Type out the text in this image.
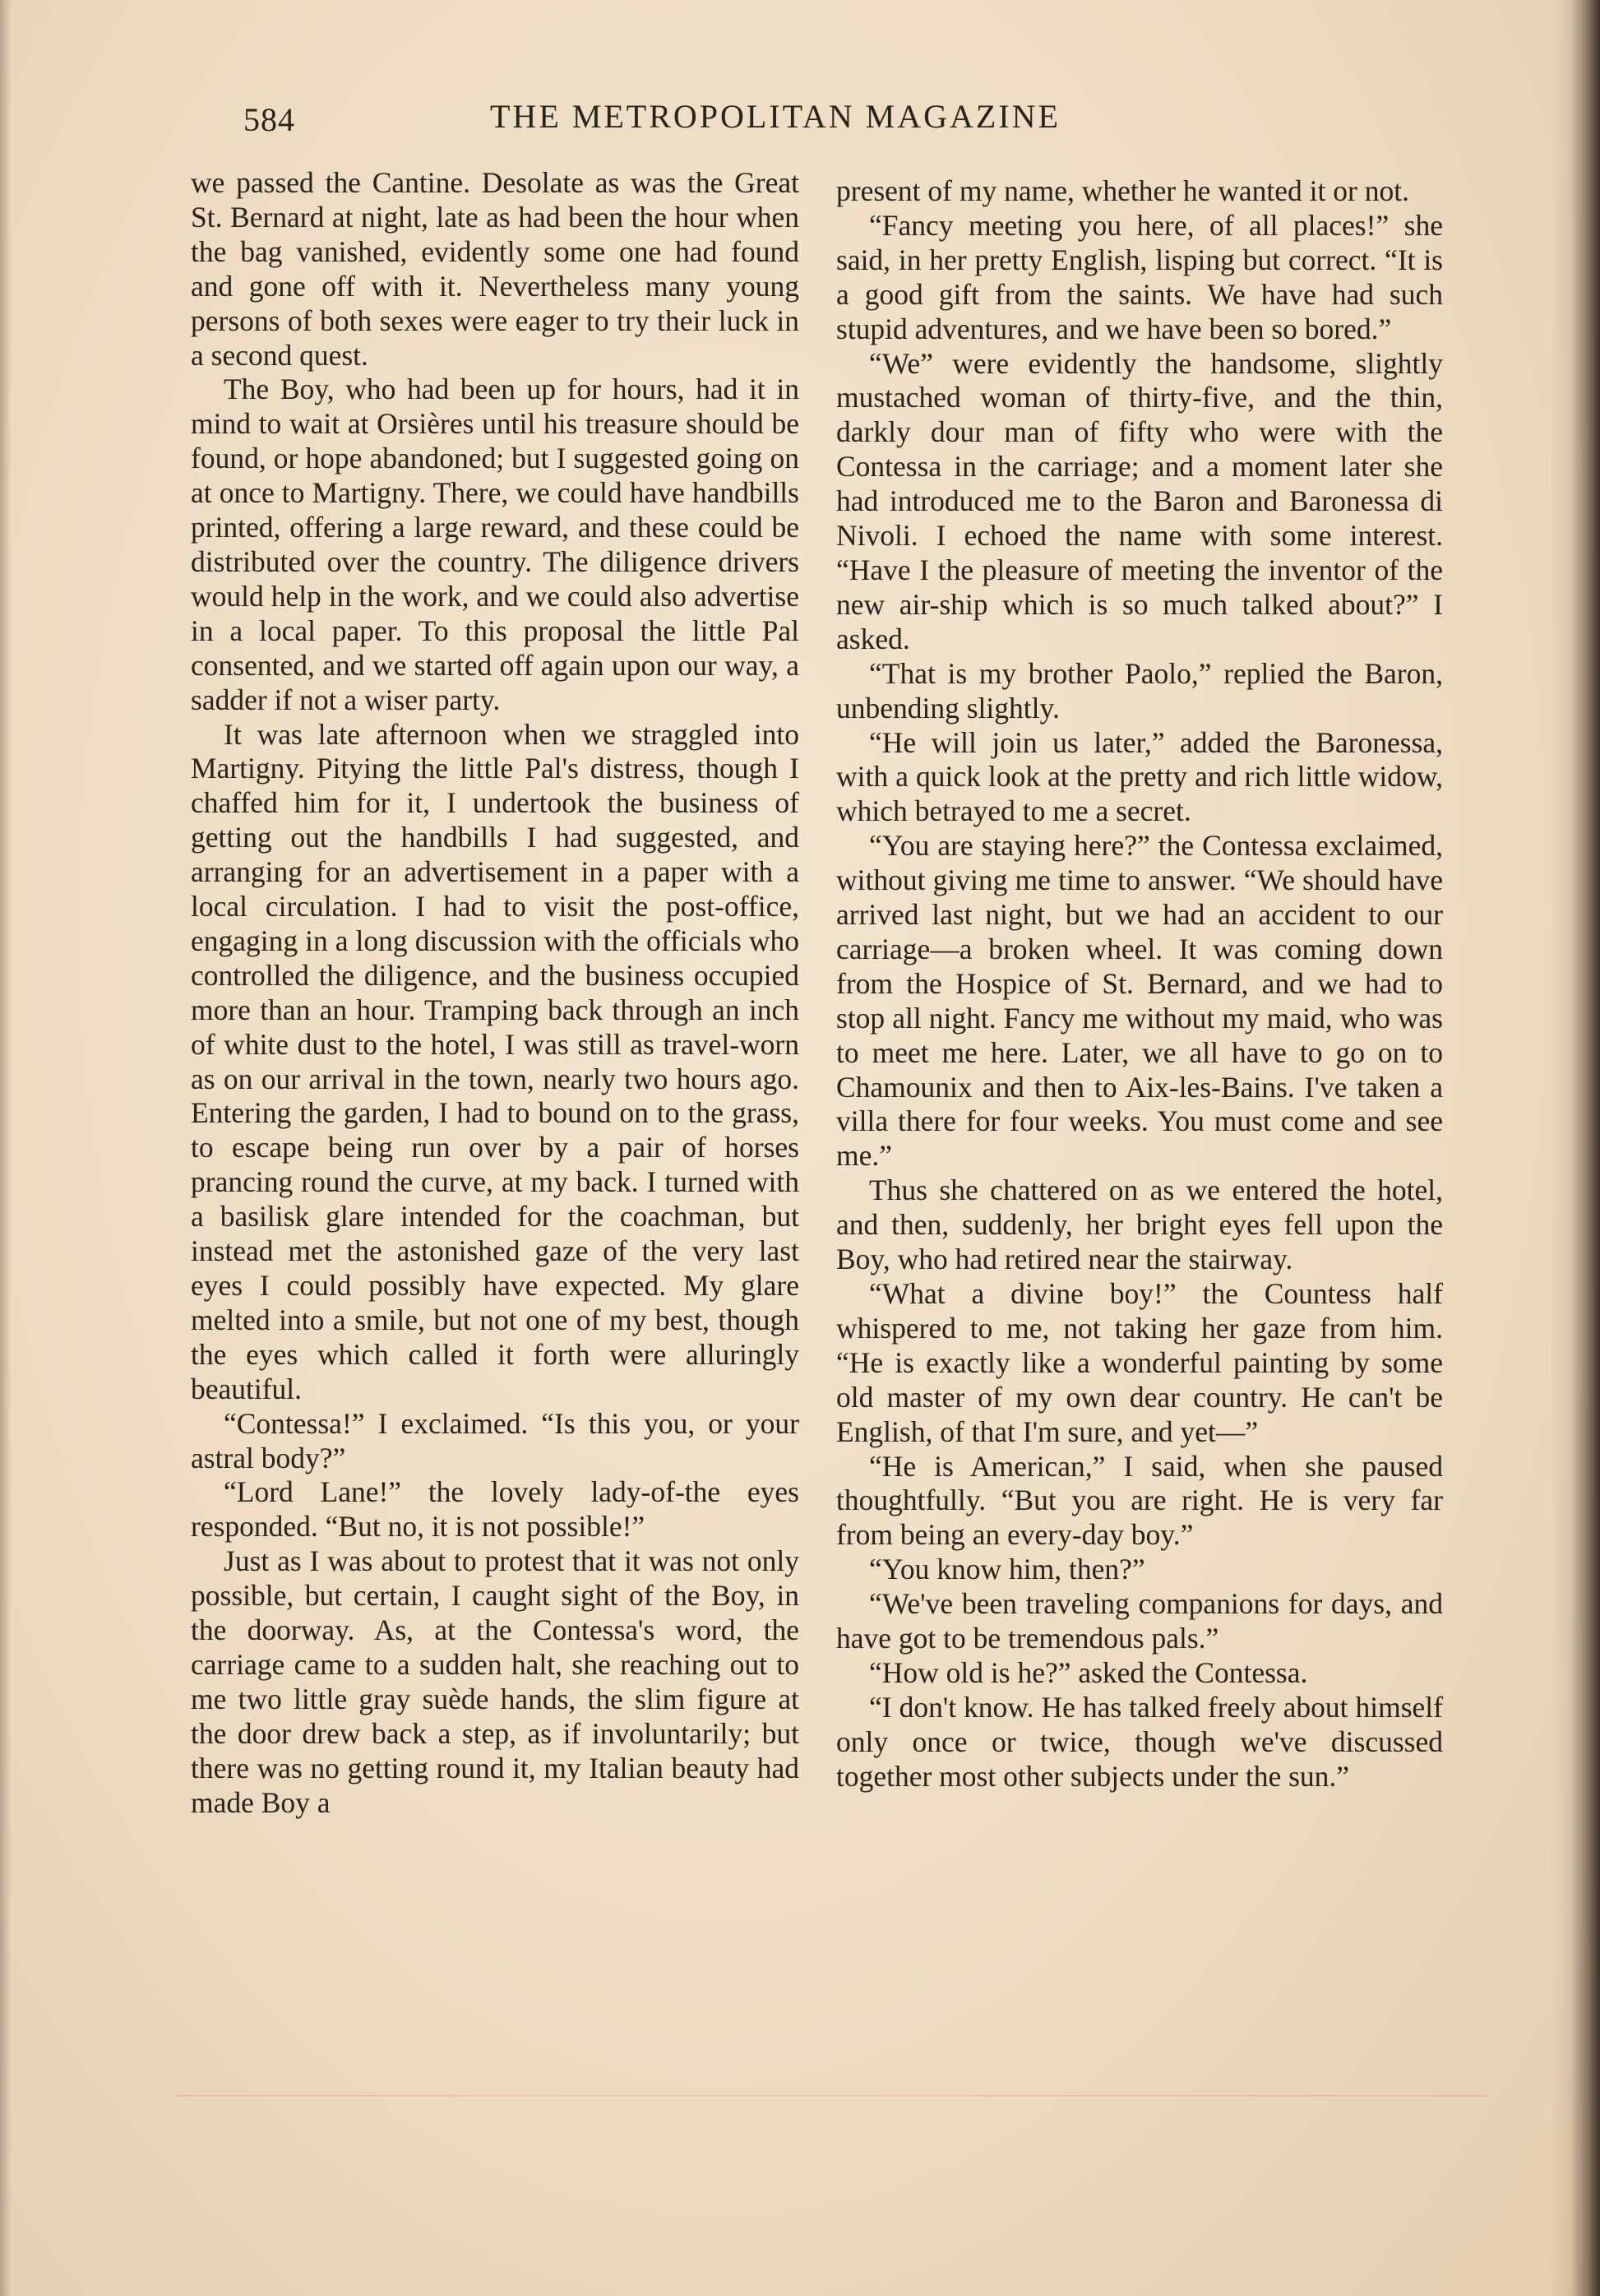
584	THE METROPOLITAN MAGAZINE

we passed the Cantine. Desolate as was the Great St. Bernard at night, late as had been the hour when the bag vanished, evidently some one had found and gone off with it. Nevertheless many young persons of both sexes were eager to try their luck in a second quest.

The Boy, who had been up for hours, had it in mind to wait at Orsières until his treasure should be found, or hope abandoned; but I suggested going on at once to Martigny. There, we could have handbills printed, offering a large reward, and these could be distributed over the country. The diligence drivers would help in the work, and we could also advertise in a local paper. To this proposal the little Pal consented, and we started off again upon our way, a sadder if not a wiser party.

It was late afternoon when we straggled into Martigny. Pitying the little Pal's distress, though I chaffed him for it, I undertook the business of getting out the handbills I had suggested, and arranging for an advertisement in a paper with a local circulation. I had to visit the post-office, engaging in a long discussion with the officials who controlled the diligence, and the business occupied more than an hour. Tramping back through an inch of white dust to the hotel, I was still as travel-worn as on our arrival in the town, nearly two hours ago. Entering the garden, I had to bound on to the grass, to escape being run over by a pair of horses prancing round the curve, at my back. I turned with a basilisk glare intended for the coachman, but instead met the astonished gaze of the very last eyes I could possibly have expected. My glare melted into a smile, but not one of my best, though the eyes which called it forth were alluringly beautiful.

“Contessa!” I exclaimed. “Is this you, or your astral body?”

“Lord Lane!” the lovely lady-of-the eyes responded. “But no, it is not possible!”

Just as I was about to protest that it was not only possible, but certain, I caught sight of the Boy, in the doorway. As, at the Contessa's word, the carriage came to a sudden halt, she reaching out to me two little gray suède hands, the slim figure at the door drew back a step, as if involuntarily; but there was no getting round it, my Italian beauty had made Boy a

present of my name, whether he wanted it or not.

“Fancy meeting you here, of all places!” she said, in her pretty English, lisping but correct. “It is a good gift from the saints. We have had such stupid adventures, and we have been so bored.”

“We” were evidently the handsome, slightly mustached woman of thirty-five, and the thin, darkly dour man of fifty who were with the Contessa in the carriage; and a moment later she had introduced me to the Baron and Baronessa di Nivoli. I echoed the name with some interest. “Have I the pleasure of meeting the inventor of the new air-ship which is so much talked about?” I asked.

“That is my brother Paolo,” replied the Baron, unbending slightly.

“He will join us later,” added the Baronessa, with a quick look at the pretty and rich little widow, which betrayed to me a secret.

“You are staying here?” the Contessa exclaimed, without giving me time to answer. “We should have arrived last night, but we had an accident to our carriage—a broken wheel. It was coming down from the Hospice of St. Bernard, and we had to stop all night. Fancy me without my maid, who was to meet me here. Later, we all have to go on to Chamounix and then to Aix-les-Bains. I've taken a villa there for four weeks. You must come and see me.”

Thus she chattered on as we entered the hotel, and then, suddenly, her bright eyes fell upon the Boy, who had retired near the stairway.

“What a divine boy!” the Countess half whispered to me, not taking her gaze from him. “He is exactly like a wonderful painting by some old master of my own dear country. He can't be English, of that I'm sure, and yet—”

“He is American,” I said, when she paused thoughtfully. “But you are right. He is very far from being an every-day boy.”

“You know him, then?”

“We've been traveling companions for days, and have got to be tremendous pals.”

“How old is he?” asked the Contessa.

“I don't know. He has talked freely about himself only once or twice, though we've discussed together most other subjects under the sun.”
